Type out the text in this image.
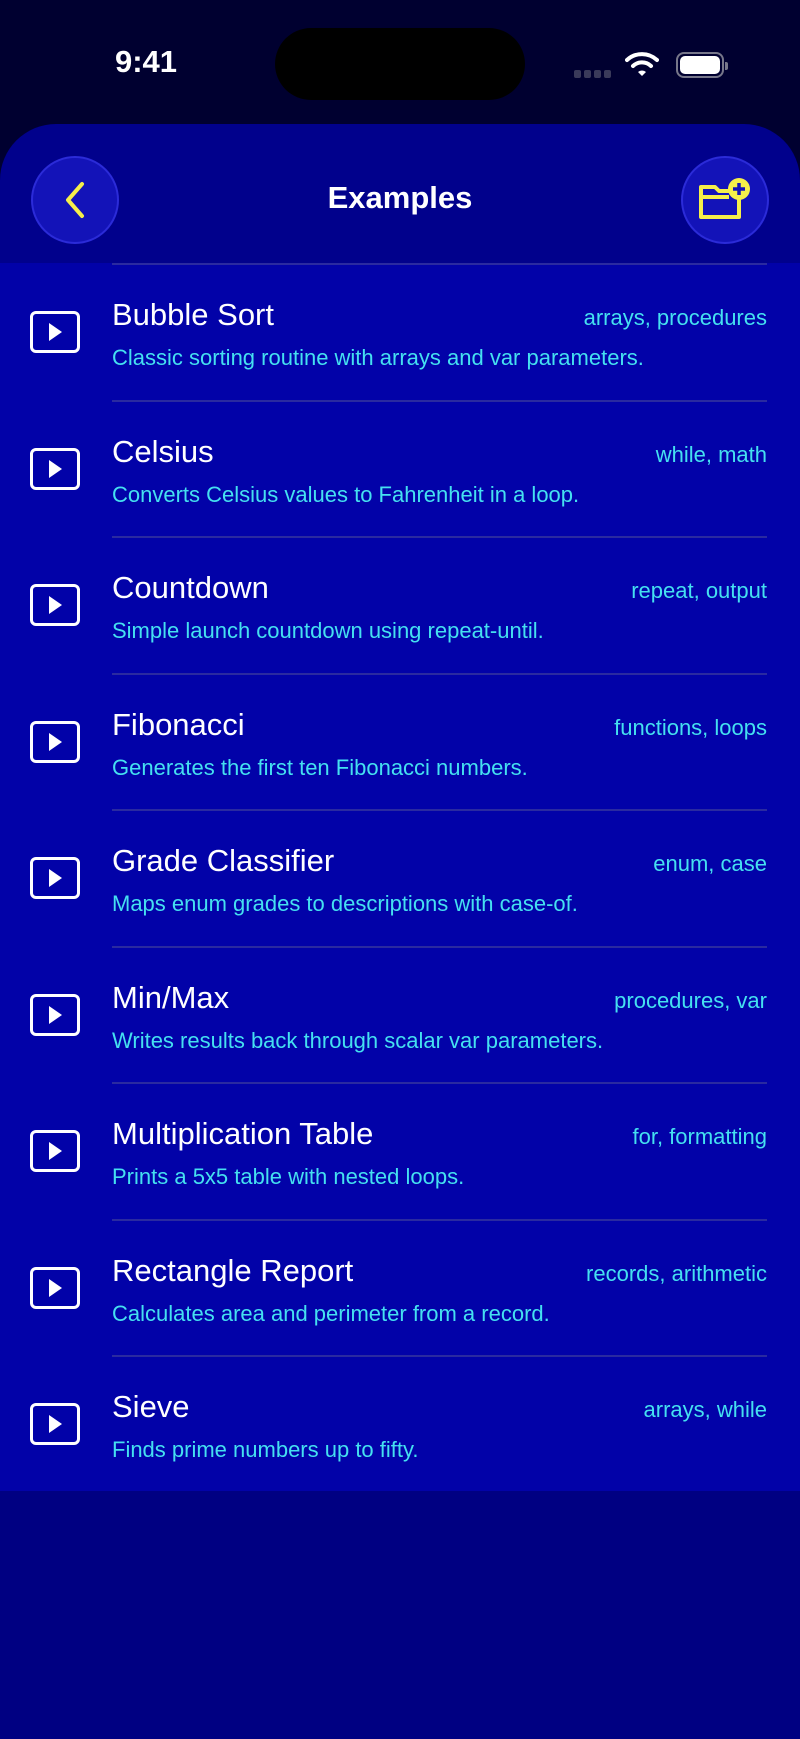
9:41
Examples
Bubble Sort	arrays, procedures
Classic sorting routine with arrays and var parameters.
Celsius	while, math
Converts Celsius values to Fahrenheit in a loop.
Countdown	repeat, output
Simple launch countdown using repeat-until.
Fibonacci	functions, loops
Generates the first ten Fibonacci numbers.
Grade Classifier	enum, case
Maps enum grades to descriptions with case-of.
Min/Max	procedures, var
Writes results back through scalar var parameters.
Multiplication Table	for, formatting
Prints a 5x5 table with nested loops.
Rectangle Report	records, arithmetic
Calculates area and perimeter from a record.
Sieve	arrays, while
Finds prime numbers up to fifty.
